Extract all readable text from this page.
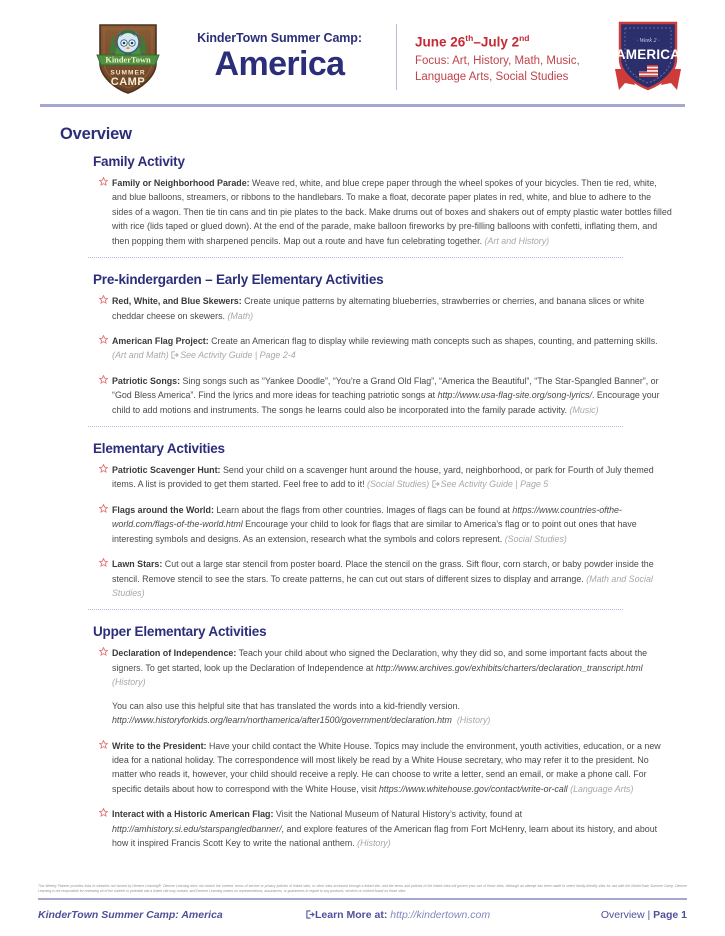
KinderTown
SUMMER
CAMP
KinderTown Summer Camp:
America
June 26th–July 2nd
Focus: Art, History, Math, Music, Language Arts, Social Studies
· Week 2 ·
AMERICA
Overview
Family Activity
Family or Neighborhood Parade: Weave red, white, and blue crepe paper through the wheel spokes of your bicycles. Then tie red, white, and blue balloons, streamers, or ribbons to the handlebars. To make a float, decorate paper plates in red, white, and blue to adhere to the sides of a wagon. Then tie tin cans and tin pie plates to the back. Make drums out of boxes and shakers out of empty plastic water bottles filled with rice (lids taped or glued down). At the end of the parade, make balloon fireworks by pre-filling balloons with confetti, inflating them, and then popping them with sharpened pencils. Map out a route and have fun celebrating together. (Art and History)
Pre-kindergarden – Early Elementary Activities
Red, White, and Blue Skewers: Create unique patterns by alternating blueberries, strawberries or cherries, and banana slices or white cheddar cheese on skewers. (Math)
American Flag Project: Create an American flag to display while reviewing math concepts such as shapes, counting, and patterning skills. (Art and Math) See Activity Guide | Page 2-4
Patriotic Songs: Sing songs such as “Yankee Doodle”, “You’re a Grand Old Flag”, “America the Beautiful”, “The Star-Spangled Banner”, or “God Bless America”. Find the lyrics and more ideas for teaching patriotic songs at http://www.usa-flag-site.org/song-lyrics/. Encourage your child to add motions and instruments. The songs he learns could also be incorporated into the family parade activity. (Music)
Elementary Activities
Patriotic Scavenger Hunt: Send your child on a scavenger hunt around the house, yard, neighborhood, or park for Fourth of July themed items. A list is provided to get them started. Feel free to add to it! (Social Studies) See Activity Guide | Page 5
Flags around the World: Learn about the flags from other countries. Images of flags can be found at https://www.countries-ofthe-world.com/flags-of-the-world.html Encourage your child to look for flags that are similar to America’s flag or to point out ones that have interesting symbols and designs. As an extension, research what the symbols and colors represent. (Social Studies)
Lawn Stars: Cut out a large star stencil from poster board. Place the stencil on the grass. Sift flour, corn starch, or baby powder inside the stencil. Remove stencil to see the stars. To create patterns, he can cut out stars of different sizes to display and arrange. (Math and Social Studies)
Upper Elementary Activities
Declaration of Independence: Teach your child about who signed the Declaration, why they did so, and some important facts about the signers. To get started, look up the Declaration of Independence at http://www.archives.gov/exhibits/charters/declaration_transcript.html (History)
You can also use this helpful site that has translated the words into a kid-friendly version.
http://www.historyforkids.org/learn/northamerica/after1500/government/declaration.htm (History)
Write to the President: Have your child contact the White House. Topics may include the environment, youth activities, education, or a new idea for a national holiday. The correspondence will most likely be read by a White House secretary, who may refer it to the president. No matter who reads it, however, your child should receive a reply. He can choose to write a letter, send an email, or make a phone call. For specific details about how to correspond with the White House, visit https://www.whitehouse.gov/contact/write-or-call (Language Arts)
Interact with a Historic American Flag: Visit the National Museum of Natural History’s activity, found at http://amhistory.si.edu/starspangledbanner/, and explore features of the American flag from Fort McHenry, learn about its history, and about how it inspired Francis Scott Key to write the national anthem. (History)
This Weekly Planner provides links to websites not owned by Demme Learning®. Demme Learning does not control the content, terms of service or privacy policies of linked sites, or other sites accessed through a linked site, and the terms and policies of the linked sites will govern your use of those sites. Although an attempt has been made to select family-friendly sites for use with the KinderTown Summer Camp, Demme Learning is not responsible for reviewing all of the content or potential ads a linked site may contain, and Demme Learning makes no representations, assurances, or guarantees in regard to any products, services or content found on those sites.
KinderTown Summer Camp: America	Learn More at: http://kindertown.com	Overview | Page 1
